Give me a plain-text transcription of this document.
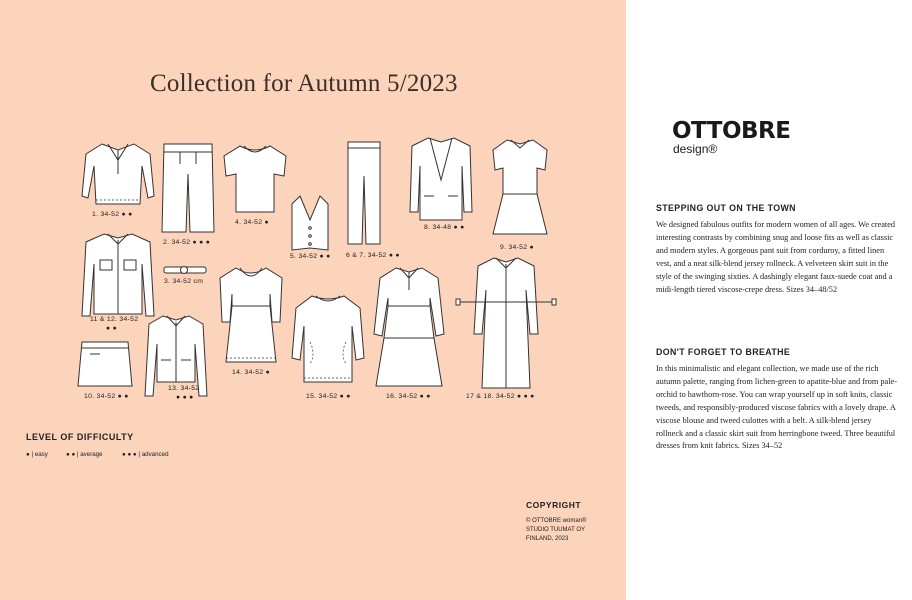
Collection for Autumn 5/2023
1. 34-52 ● ●
2. 34-52 ● ● ●
4. 34-52 ●
5. 34-52 ● ● 6 & 7. 34-52 ● ●
8. 34-48 ● ●
9. 34-52 ●
11 & 12. 34-52
● ●
3. 34-52 cm
10. 34-52 ● ●
13. 34-52
● ● ●
14. 34-52 ●
15. 34-52 ● ●	16. 34-52 ● ●	17 & 18. 34-52 ● ● ●
LEVEL OF DIFFICULTY
● | easy	● ● | average	● ● ● | advanced
COPYRIGHT
© OTTOBRE woman®
STUDIO TUUMAT OY
FINLAND, 2023
OTTOBRE
design®
STEPPING OUT ON THE TOWN
We designed fabulous outfits for modern women of all ages. We created interesting contrasts by combining snug and loose fits as well as classic and modern styles. A gorgeous pant suit from corduroy, a fitted linen vest, and a neat silk-blend jersey rollneck. A velveteen skirt suit in the style of the swinging sixties. A dashingly elegant faux-suede coat and a midi-length tiered viscose-crepe dress. Sizes 34–48/52
DON'T FORGET TO BREATHE
In this minimalistic and elegant collection, we made use of the rich autumn palette, ranging from lichen-green to apatite-blue and from pale-orchid to hawthorn-rose. You can wrap yourself up in soft knits, classic tweeds, and responsibly-produced viscose fabrics with a lovely drape. A viscose blouse and tweed culottes with a belt. A silk-blend jersey rollneck and a classic skirt suit from herringbone tweed. Three beautiful dresses from knit fabrics. Sizes 34–52
